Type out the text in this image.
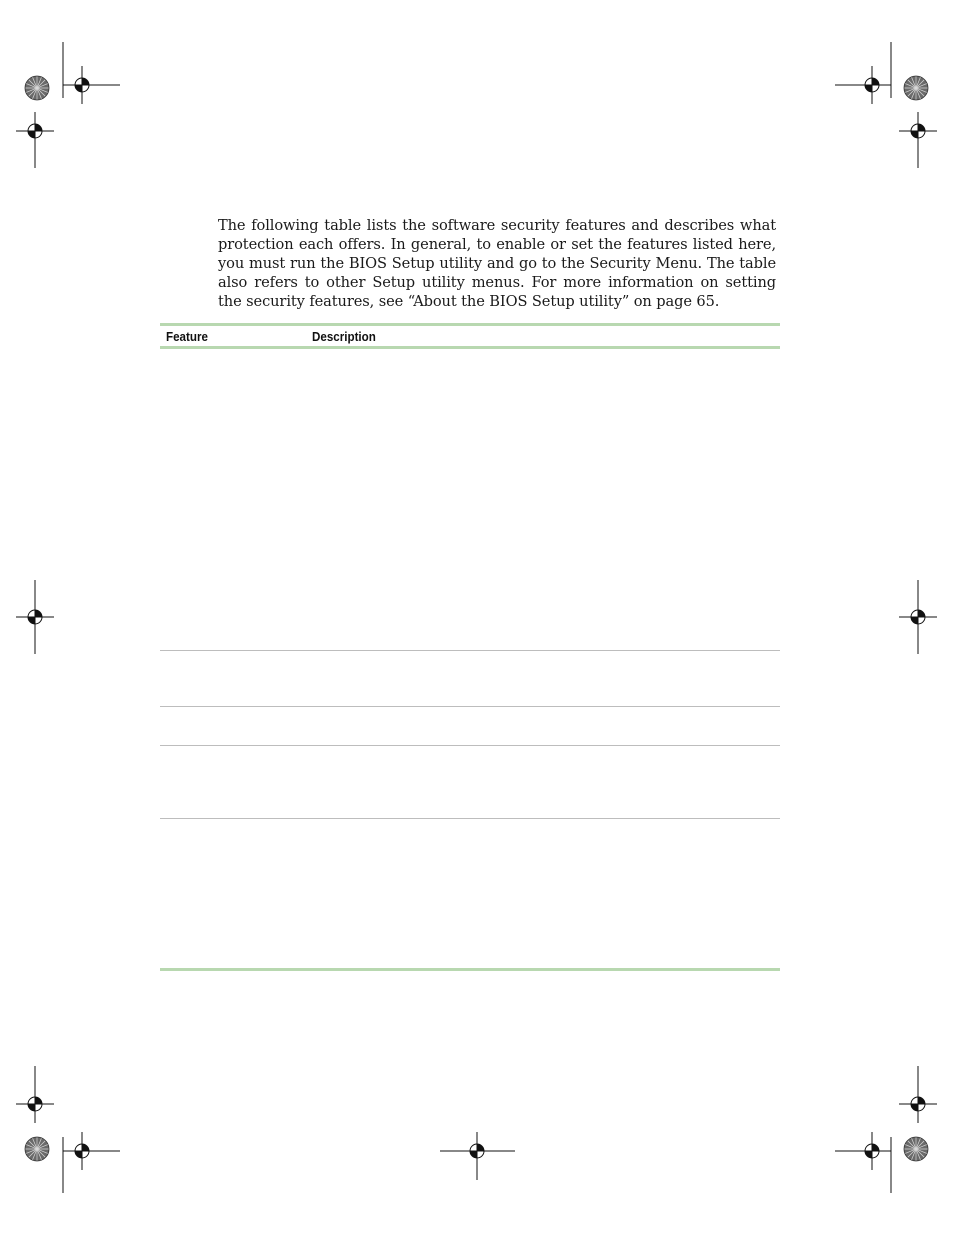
The following table lists the software security features and describes what protection each offers. In general, to enable or set the features listed here, you must run the BIOS Setup utility and go to the Security Menu. The table also refers to other Setup utility menus. For more information on setting the security features, see “About the BIOS Setup utility” on page 65.

Feature	Description
